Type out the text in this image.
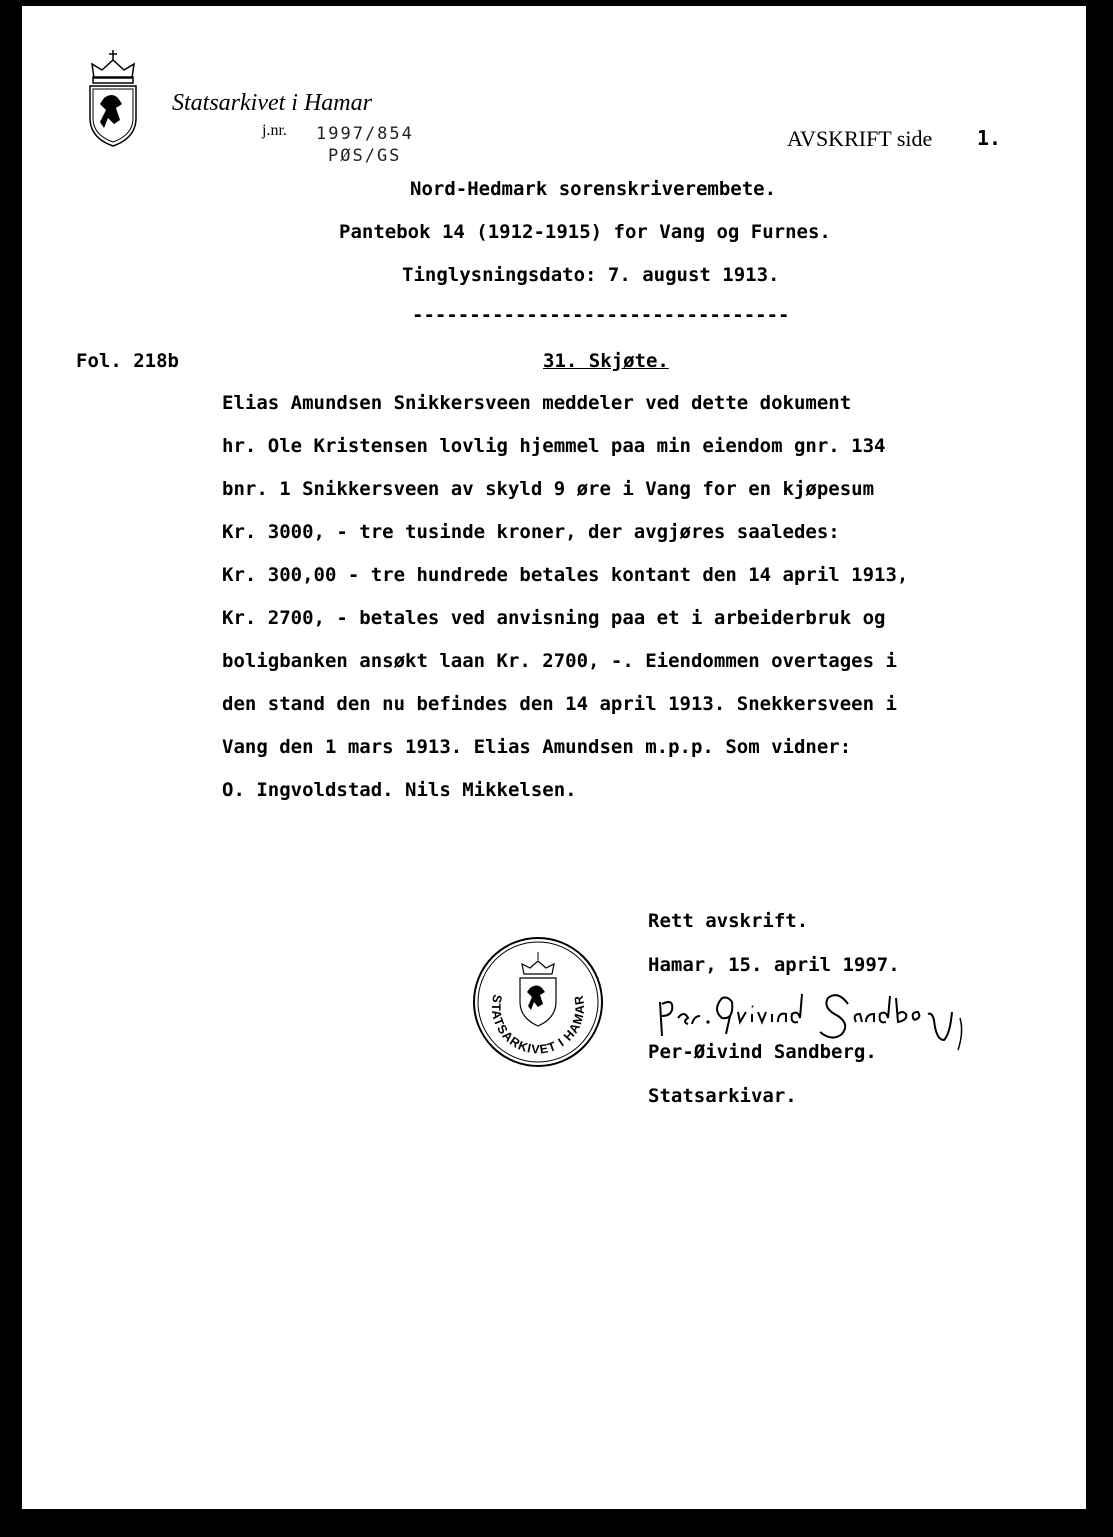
Statsarkivet i Hamar
j.nr. 1997/854
PØS/GS
AVSKRIFT side 1.
Nord-Hedmark sorenskriverembete.
Pantebok 14 (1912-1915) for Vang og Furnes.
Tinglysningsdato: 7. august 1913.
---------------------------------
Fol. 218b	31. Skjøte.
Elias Amundsen Snikkersveen meddeler ved dette dokument
hr. Ole Kristensen lovlig hjemmel paa min eiendom gnr. 134
bnr. 1 Snikkersveen av skyld 9 øre i Vang for en kjøpesum
Kr. 3000, - tre tusinde kroner, der avgjøres saaledes:
Kr. 300,00 - tre hundrede betales kontant den 14 april 1913,
Kr. 2700, - betales ved anvisning paa et i arbeiderbruk og
boligbanken ansøkt laan Kr. 2700, -. Eiendommen overtages i
den stand den nu befindes den 14 april 1913. Snekkersveen i
Vang den 1 mars 1913. Elias Amundsen m.p.p. Som vidner:
O. Ingvoldstad. Nils Mikkelsen.
Rett avskrift.
Hamar, 15. april 1997.
STATSARKIVET I HAMAR
Per-Øivind Sandberg.
Statsarkivar.
